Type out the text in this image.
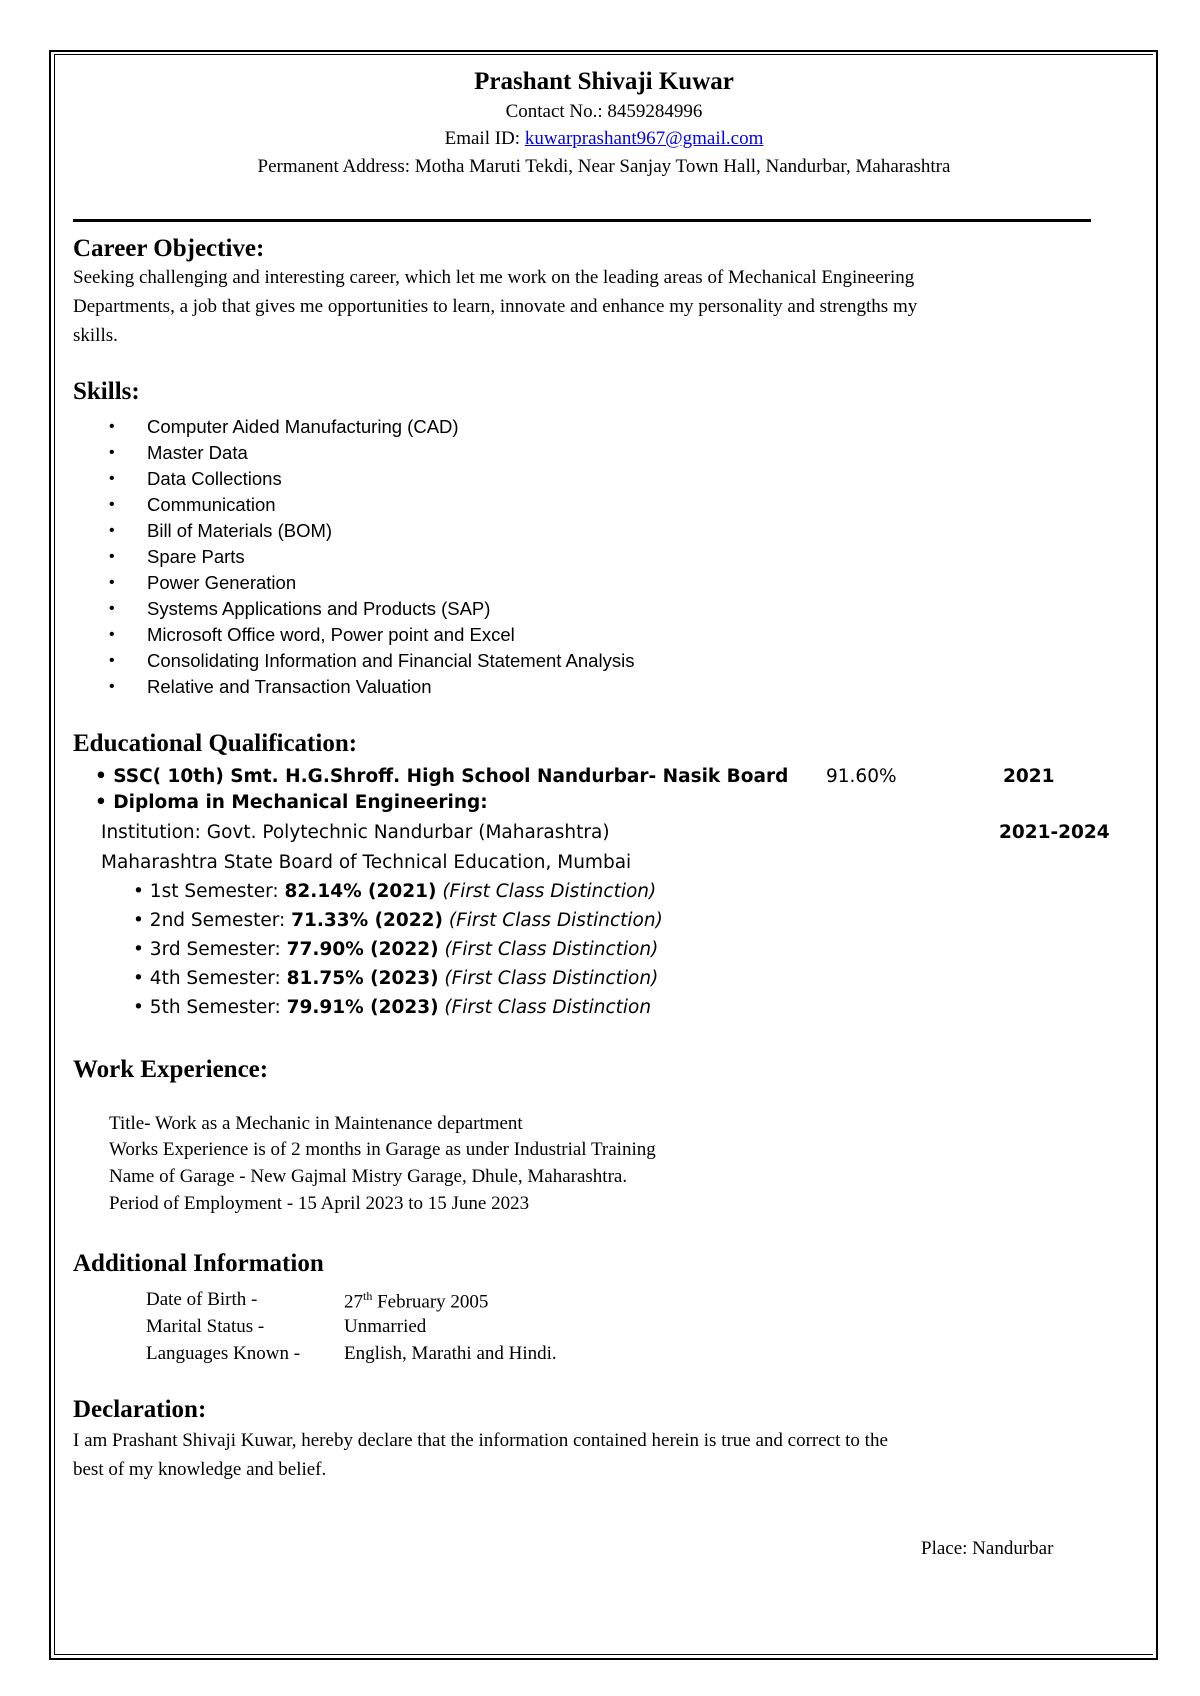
Prashant Shivaji Kuwar
Contact No.: 8459284996
Email ID: kuwarprashant967@gmail.com
Permanent Address: Motha Maruti Tekdi, Near Sanjay Town Hall, Nandurbar, Maharashtra
Career Objective:
Seeking challenging and interesting career, which let me work on the leading areas of Mechanical Engineering
Departments, a job that gives me opportunities to learn, innovate and enhance my personality and strengths my
skills.
Skills:
• Computer Aided Manufacturing (CAD)
• Master Data
• Data Collections
• Communication
• Bill of Materials (BOM)
• Spare Parts
• Power Generation
• Systems Applications and Products (SAP)
• Microsoft Office word, Power point and Excel
• Consolidating Information and Financial Statement Analysis
• Relative and Transaction Valuation
Educational Qualification:
• SSC( 10th) Smt. H.G.Shroff. High School Nandurbar- Nasik Board 91.60%	2021
• Diploma in Mechanical Engineering:
Institution: Govt. Polytechnic Nandurbar (Maharashtra)	2021-2024
Maharashtra State Board of Technical Education, Mumbai
• 1st Semester: 82.14% (2021) (First Class Distinction)
• 2nd Semester: 71.33% (2022) (First Class Distinction)
• 3rd Semester: 77.90% (2022) (First Class Distinction)
• 4th Semester: 81.75% (2023) (First Class Distinction)
• 5th Semester: 79.91% (2023) (First Class Distinction
Work Experience:
Title- Work as a Mechanic in Maintenance department
Works Experience is of 2 months in Garage as under Industrial Training
Name of Garage - New Gajmal Mistry Garage, Dhule, Maharashtra.
Period of Employment - 15 April 2023 to 15 June 2023
Additional Information
Date of Birth -	27th February 2005
Marital Status -	Unmarried
Languages Known - English, Marathi and Hindi.
Declaration:
I am Prashant Shivaji Kuwar, hereby declare that the information contained herein is true and correct to the
best of my knowledge and belief.
Place: Nandurbar
